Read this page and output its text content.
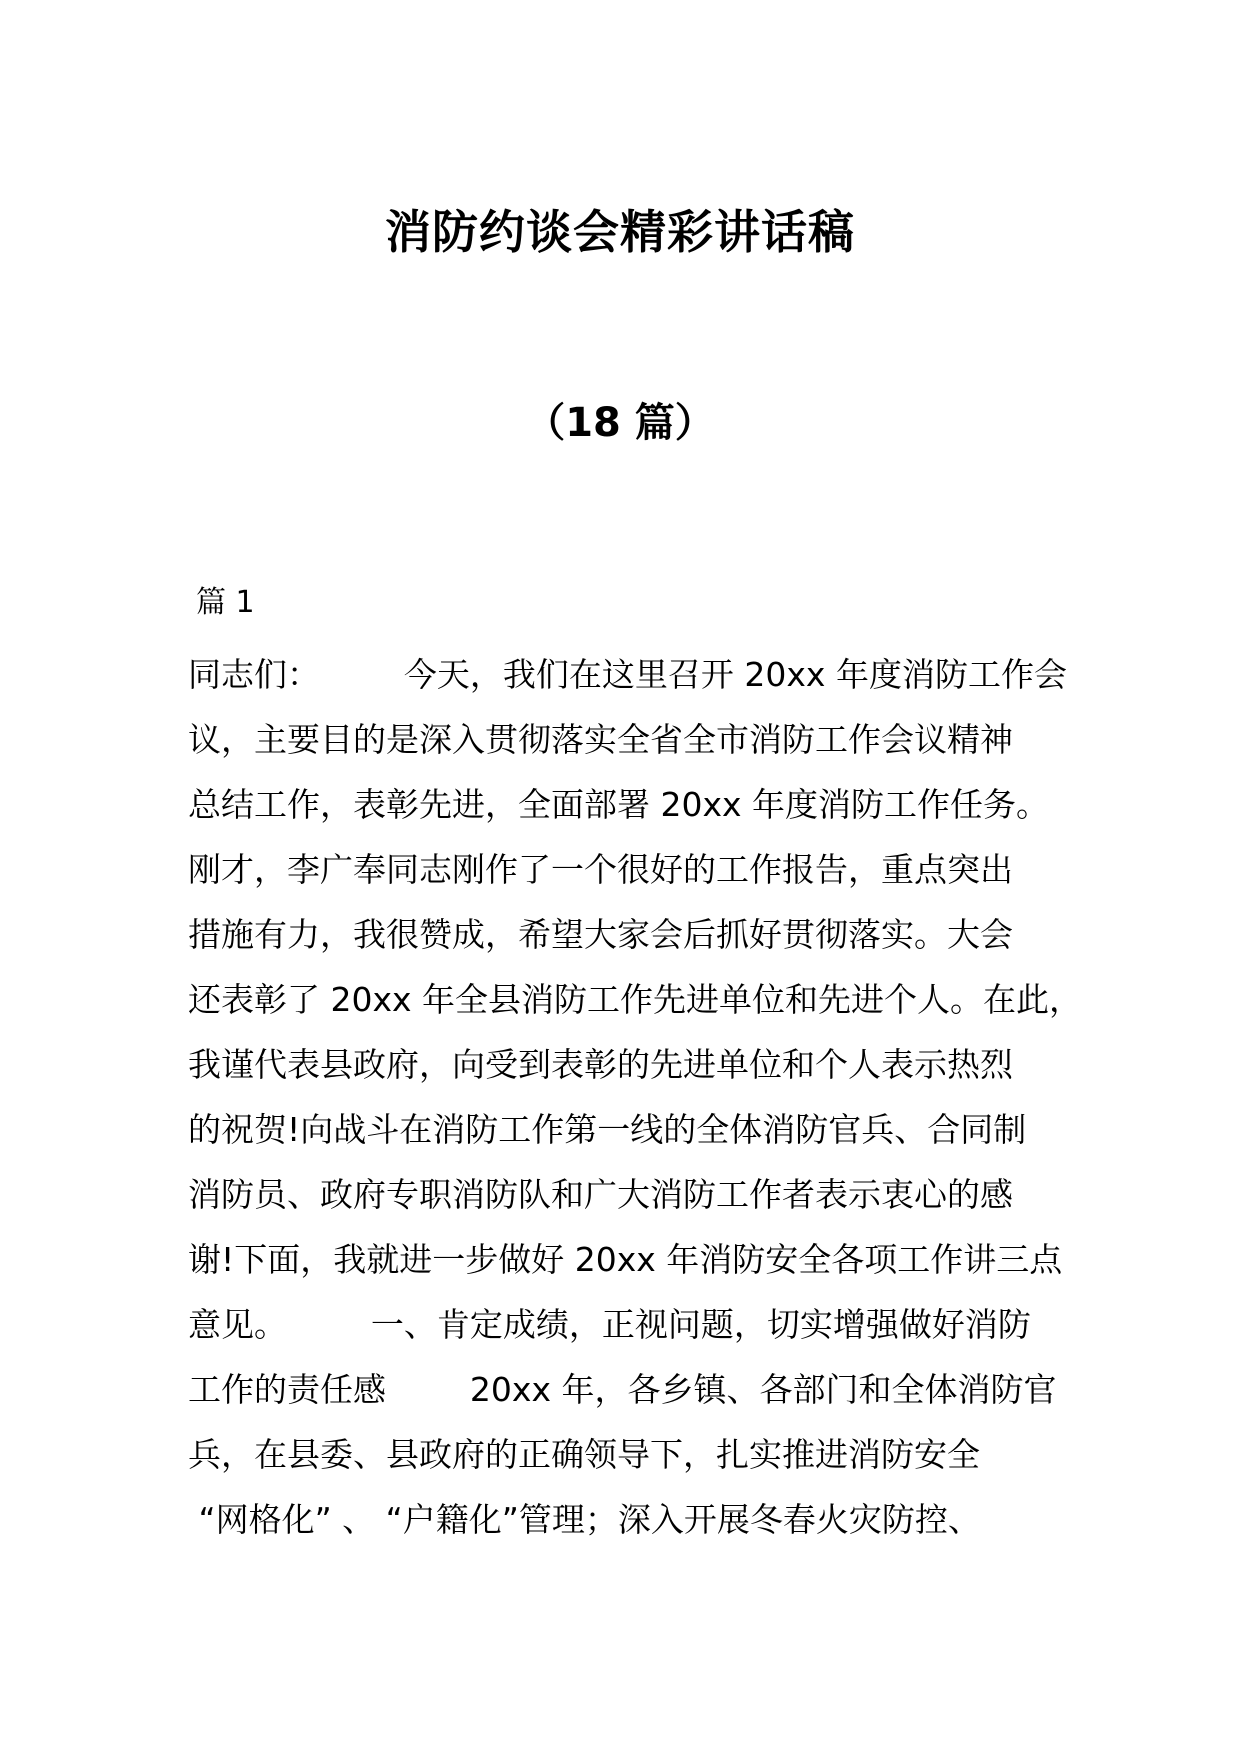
消防约谈会精彩讲话稿
（18 篇）
篇 1
同志们：        今天，我们在这里召开 20xx 年度消防工作会
议，主要目的是深入贯彻落实全省全市消防工作会议精神
总结工作，表彰先进，全面部署 20xx 年度消防工作任务。
刚才，李广奉同志刚作了一个很好的工作报告，重点突出
措施有力，我很赞成，希望大家会后抓好贯彻落实。大会
还表彰了 20xx 年全县消防工作先进单位和先进个人。在此，
我谨代表县政府，向受到表彰的先进单位和个人表示热烈
的祝贺!向战斗在消防工作第一线的全体消防官兵、合同制
消防员、政府专职消防队和广大消防工作者表示衷心的感
谢!下面，我就进一步做好 20xx 年消防安全各项工作讲三点
意见。        一、肯定成绩，正视问题，切实增强做好消防
工作的责任感        20xx 年，各乡镇、各部门和全体消防官
兵，在县委、县政府的正确领导下，扎实推进消防安全
“网格化” 、 “户籍化”管理；深入开展冬春火灾防控、
